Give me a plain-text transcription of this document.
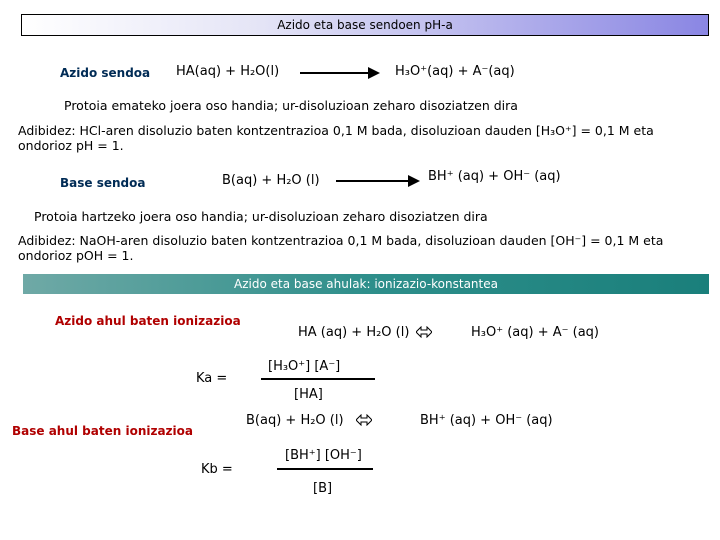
Azido eta base sendoen pH-a
Azido sendoa HA(aq) + H₂O(l)	H₃O⁺(aq) + A⁻(aq)
Protoia emateko joera oso handia; ur-disoluzioan zeharo disoziatzen dira
Adibidez: HCl-aren disoluzio baten kontzentrazioa 0,1 M bada, disoluzioan dauden [H₃O⁺] = 0,1 M eta ondorioz pH = 1.
Base sendoa	B(aq) + H₂O (l)	BH⁺ (aq) + OH⁻ (aq)
Protoia hartzeko joera oso handia; ur-disoluzioan zeharo disoziatzen dira
Adibidez: NaOH-aren disoluzio baten kontzentrazioa 0,1 M bada, disoluzioan dauden [OH⁻] = 0,1 M eta ondorioz pOH = 1.
Azido eta base ahulak: ionizazio-konstantea
Azido ahul baten ionizazioa
HA (aq) + H₂O (l)	H₃O⁺ (aq) + A⁻ (aq)
Ka =
[H₃O⁺] [A⁻]
[HA]
Base ahul baten ionizazioa
B(aq) + H₂O (l)	BH⁺ (aq) + OH⁻ (aq)
Kb =
[BH⁺] [OH⁻]
[B]
